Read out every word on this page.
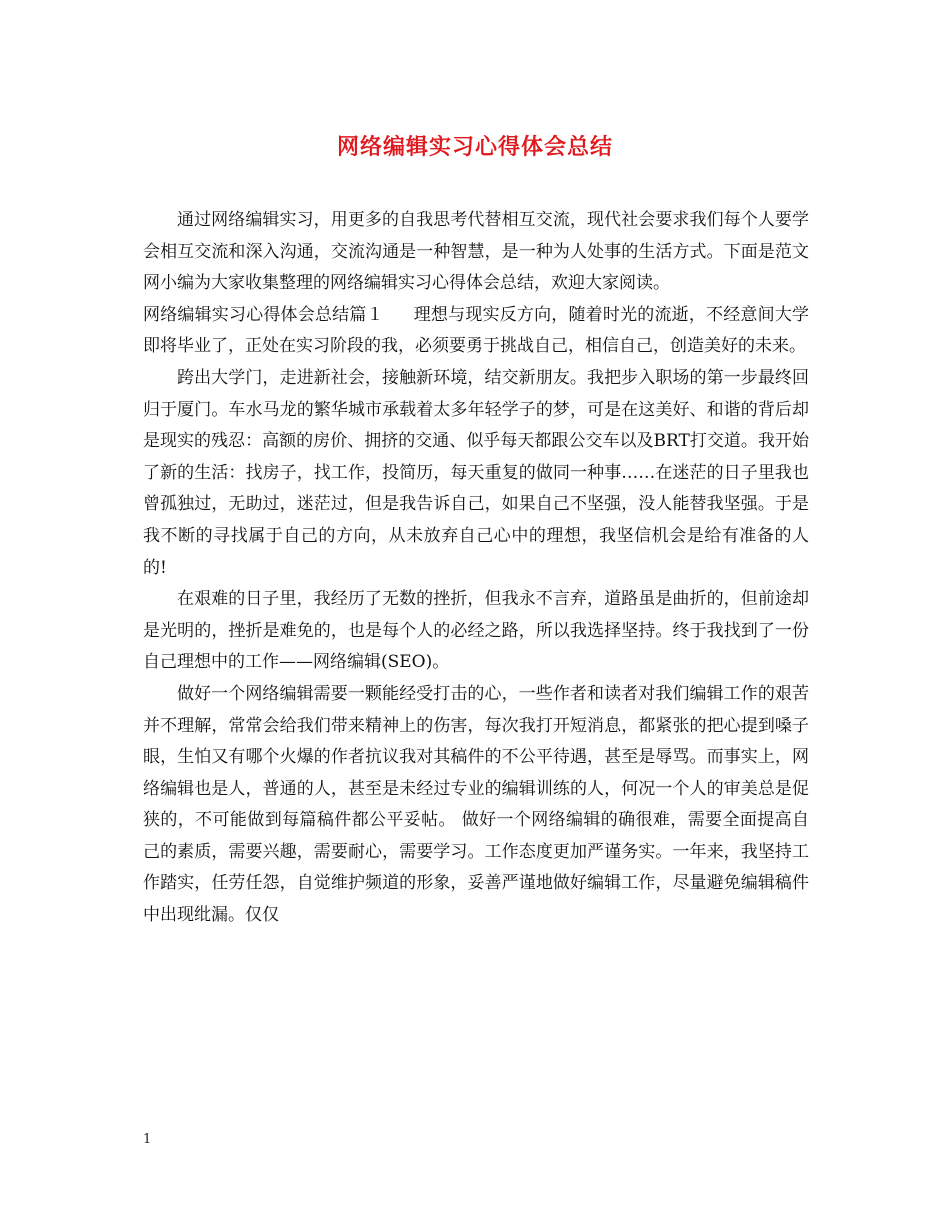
网络编辑实习心得体会总结

通过网络编辑实习，用更多的自我思考代替相互交流，现代社会要求我们每个人要学会相互交流和深入沟通，交流沟通是一种智慧，是一种为人处事的生活方式。下面是范文网小编为大家收集整理的网络编辑实习心得体会总结，欢迎大家阅读。

网络编辑实习心得体会总结篇１ 理想与现实反方向，随着时光的流逝，不经意间大学即将毕业了，正处在实习阶段的我，必须要勇于挑战自己，相信自己，创造美好的未来。

跨出大学门，走进新社会，接触新环境，结交新朋友。我把步入职场的第一步最终回归于厦门。车水马龙的繁华城市承载着太多年轻学子的梦，可是在这美好、和谐的背后却是现实的残忍：高额的房价、拥挤的交通、似乎每天都跟公交车以及BRT打交道。我开始了新的生活：找房子，找工作，投简历，每天重复的做同一种事……在迷茫的日子里我也曾孤独过，无助过，迷茫过，但是我告诉自己，如果自己不坚强，没人能替我坚强。于是我不断的寻找属于自己的方向，从未放弃自己心中的理想，我坚信机会是给有准备的人的!

在艰难的日子里，我经历了无数的挫折，但我永不言弃，道路虽是曲折的，但前途却是光明的，挫折是难免的，也是每个人的必经之路，所以我选择坚持。终于我找到了一份自己理想中的工作——网络编辑(SEO)。

做好一个网络编辑需要一颗能经受打击的心，一些作者和读者对我们编辑工作的艰苦并不理解，常常会给我们带来精神上的伤害，每次我打开短消息，都紧张的把心提到嗓子眼，生怕又有哪个火爆的作者抗议我对其稿件的不公平待遇，甚至是辱骂。而事实上，网络编辑也是人，普通的人，甚至是未经过专业的编辑训练的人，何况一个人的审美总是促狭的，不可能做到每篇稿件都公平妥帖。 做好一个网络编辑的确很难，需要全面提高自己的素质，需要兴趣，需要耐心，需要学习。工作态度更加严谨务实。一年来，我坚持工作踏实，任劳任怨，自觉维护频道的形象，妥善严谨地做好编辑工作，尽量避免编辑稿件中出现纰漏。仅仅

1
